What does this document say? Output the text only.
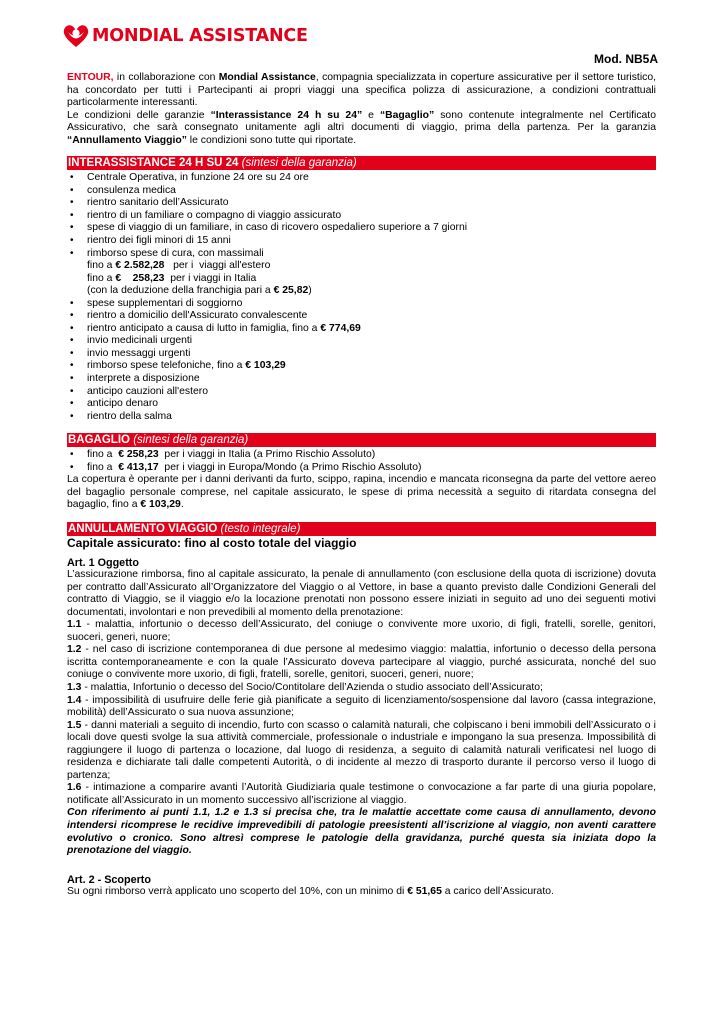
MONDIAL ASSISTANCE
Mod. NB5A

ENTOUR, in collaborazione con Mondial Assistance, compagnia specializzata in coperture assicurative per il settore turistico, ha concordato per tutti i Partecipanti ai propri viaggi una specifica polizza di assicurazione, a condizioni contrattuali particolarmente interessanti.

Le condizioni delle garanzie “Interassistance 24 h su 24” e “Bagaglio” sono contenute integralmente nel Certificato Assicurativo, che sarà consegnato unitamente agli altri documenti di viaggio, prima della partenza. Per la garanzia “Annullamento Viaggio” le condizioni sono tutte qui riportate.

INTERASSISTANCE 24 H SU 24 (sintesi della garanzia)
• Centrale Operativa, in funzione 24 ore su 24 ore
• consulenza medica
• rientro sanitario dell’Assicurato
• rientro di un familiare o compagno di viaggio assicurato
• spese di viaggio di un familiare, in caso di ricovero ospedaliero superiore a 7 giorni
• rientro dei figli minori di 15 anni
• rimborso spese di cura, con massimali
fino a € 2.582,28   per i  viaggi all'estero
fino a €    258,23  per i viaggi in Italia
(con la deduzione della franchigia pari a € 25,82)
• spese supplementari di soggiorno
• rientro a domicilio dell'Assicurato convalescente
• rientro anticipato a causa di lutto in famiglia, fino a € 774,69
• invio medicinali urgenti
• invio messaggi urgenti
• rimborso spese telefoniche, fino a € 103,29
• interprete a disposizione
• anticipo cauzioni all'estero
• anticipo denaro
• rientro della salma
BAGAGLIO (sintesi della garanzia)
• fino a  € 258,23  per i viaggi in Italia (a Primo Rischio Assoluto)
• fino a  € 413,17  per i viaggi in Europa/Mondo (a Primo Rischio Assoluto)

La copertura è operante per i danni derivanti da furto, scippo, rapina, incendio e mancata riconsegna da parte del vettore aereo del bagaglio personale comprese, nel capitale assicurato, le spese di prima necessità a seguito di ritardata consegna del bagaglio, fino a € 103,29.

ANNULLAMENTO VIAGGIO (testo integrale)
Capitale assicurato: fino al costo totale del viaggio
Art. 1 Oggetto

L’assicurazione rimborsa, fino al capitale assicurato, la penale di annullamento (con esclusione della quota di iscrizione) dovuta per contratto dall’Assicurato all’Organizzatore del Viaggio o al Vettore, in base a quanto previsto dalle Condizioni Generali del contratto di Viaggio, se il viaggio e/o la locazione prenotati non possono essere iniziati in seguito ad uno dei seguenti motivi documentati, involontari e non prevedibili al momento della prenotazione:

1.1 - malattia, infortunio o decesso dell’Assicurato, del coniuge o convivente more uxorio, di figli, fratelli, sorelle, genitori, suoceri, generi, nuore;

1.2 - nel caso di iscrizione contemporanea di due persone al medesimo viaggio: malattia, infortunio o decesso della persona iscritta contemporaneamente e con la quale l’Assicurato doveva partecipare al viaggio, purché assicurata, nonché del suo coniuge o convivente more uxorio, di figli, fratelli, sorelle, genitori, suoceri, generi, nuore;

1.3 - malattia, Infortunio o decesso del Socio/Contitolare dell’Azienda o studio associato dell’Assicurato;

1.4 - impossibilità di usufruire delle ferie già pianificate a seguito di licenziamento/sospensione dal lavoro (cassa integrazione, mobilità) dell’Assicurato o sua nuova assunzione;

1.5 - danni materiali a seguito di incendio, furto con scasso o calamità naturali, che colpiscano i beni immobili dell’Assicurato o i locali dove questi svolge la sua attività commerciale, professionale o industriale e impongano la sua presenza. Impossibilità di raggiungere il luogo di partenza o locazione, dal luogo di residenza, a seguito di calamità naturali verificatesi nel luogo di residenza e dichiarate tali dalle competenti Autorità, o di incidente al mezzo di trasporto durante il percorso verso il luogo di partenza;

1.6 - intimazione a comparire avanti l’Autorità Giudiziaria quale testimone o convocazione a far parte di una giuria popolare, notificate all’Assicurato in un momento successivo all’iscrizione al viaggio.

Con riferimento ai punti 1.1, 1.2 e 1.3 si precisa che, tra le malattie accettate come causa di annullamento, devono intendersi ricomprese le recidive imprevedibili di patologie preesistenti all’iscrizione al viaggio, non aventi carattere evolutivo o cronico. Sono altresì comprese le patologie della gravidanza, purché questa sia iniziata dopo la prenotazione del viaggio.

Art. 2 - Scoperto

Su ogni rimborso verrà applicato uno scoperto del 10%, con un minimo di € 51,65 a carico dell’Assicurato.
